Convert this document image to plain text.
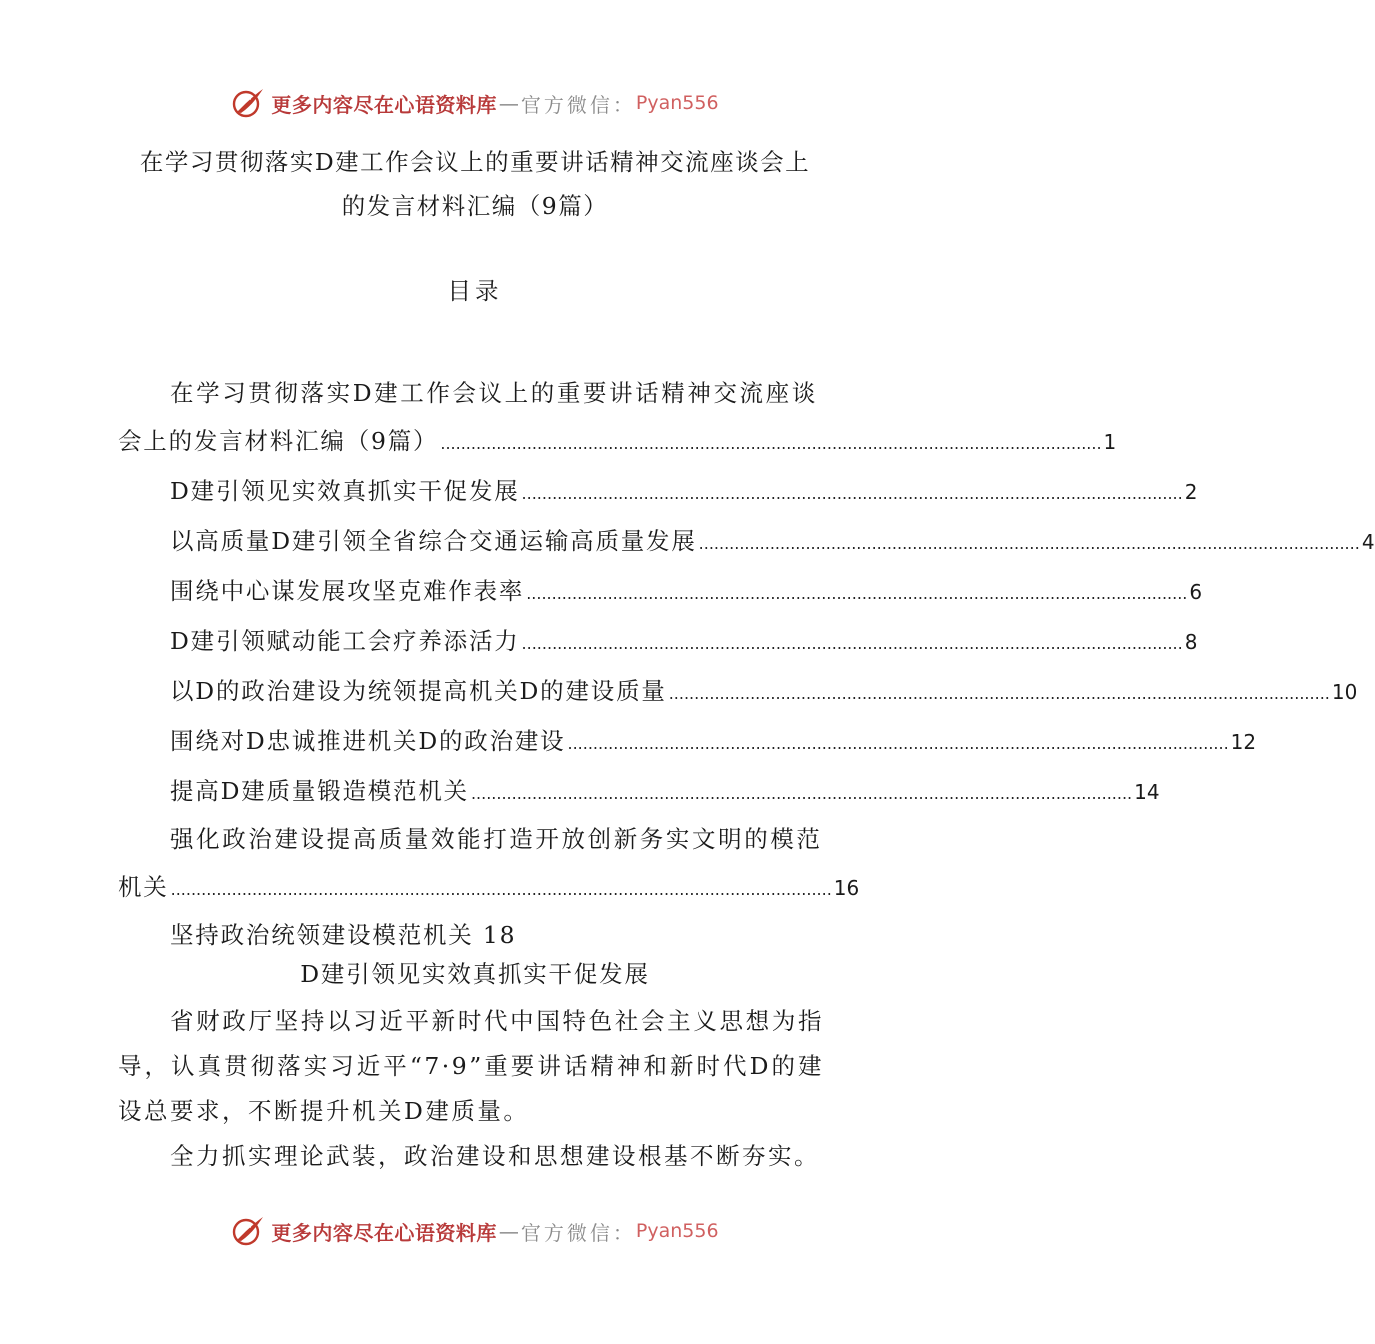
更多内容尽在心语资料库 — 官方微信： Pyan556
在学习贯彻落实D建工作会议上的重要讲话精神交流座谈会上
的发言材料汇编（9篇）
目录
在学习贯彻落实D建工作会议上的重要讲话精神交流座谈
会上的发言材料汇编（9篇） .................................................................................................................................. 1
D建引领见实效真抓实干促发展 .................................................................................................................................. 2
以高质量D建引领全省综合交通运输高质量发展 .................................................................................................................................. 4
围绕中心谋发展攻坚克难作表率 .................................................................................................................................. 6
D建引领赋动能工会疗养添活力 .................................................................................................................................. 8
以D的政治建设为统领提高机关D的建设质量 .................................................................................................................................. 10
围绕对D忠诚推进机关D的政治建设 .................................................................................................................................. 12
提高D建质量锻造模范机关 .................................................................................................................................. 14
强化政治建设提高质量效能打造开放创新务实文明的模范
机关 .................................................................................................................................. 16
坚持政治统领建设模范机关 18
D建引领见实效真抓实干促发展

省财政厅坚持以习近平新时代中国特色社会主义思想为指导，认真贯彻落实习近平“7·9”重要讲话精神和新时代D的建设总要求，不断提升机关D建质量。

全力抓实理论武装，政治建设和思想建设根基不断夯实。

更多内容尽在心语资料库 — 官方微信： Pyan556
